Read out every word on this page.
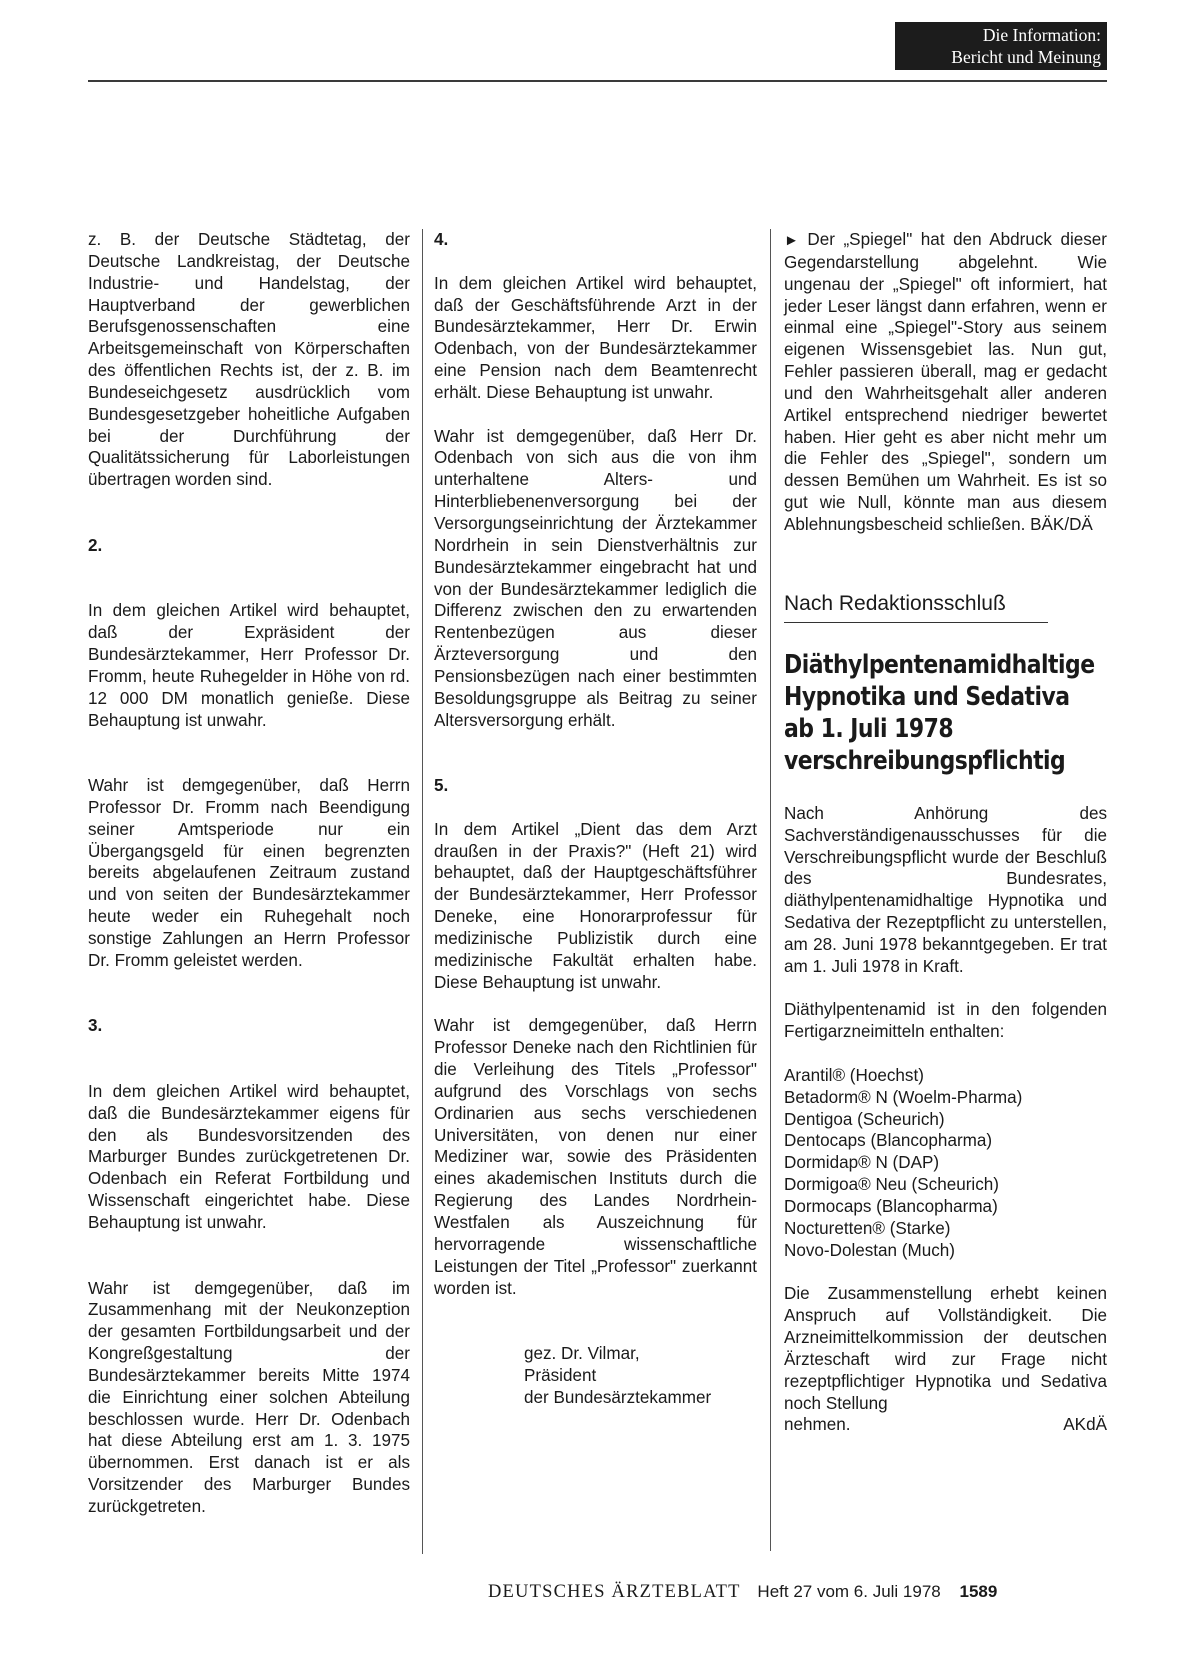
Die Information:
Bericht und Meinung

z. B. der Deutsche Städtetag, der Deutsche Landkreistag, der Deutsche Industrie- und Handelstag, der Hauptverband der gewerblichen Berufsgenossenschaften eine Arbeitsgemeinschaft von Körperschaften des öffentlichen Rechts ist, der z. B. im Bundeseichgesetz ausdrücklich vom Bundesgesetzgeber hoheitliche Aufgaben bei der Durchführung der Qualitätssicherung für Laborleistungen übertragen worden sind.

2.

In dem gleichen Artikel wird behauptet, daß der Expräsident der Bundesärztekammer, Herr Professor Dr. Fromm, heute Ruhegelder in Höhe von rd. 12 000 DM monatlich genieße. Diese Behauptung ist unwahr.

Wahr ist demgegenüber, daß Herrn Professor Dr. Fromm nach Beendigung seiner Amtsperiode nur ein Übergangsgeld für einen begrenzten bereits abgelaufenen Zeitraum zustand und von seiten der Bundesärztekammer heute weder ein Ruhegehalt noch sonstige Zahlungen an Herrn Professor Dr. Fromm geleistet werden.

3.

In dem gleichen Artikel wird behauptet, daß die Bundesärztekammer eigens für den als Bundesvorsitzenden des Marburger Bundes zurückgetretenen Dr. Odenbach ein Referat Fortbildung und Wissenschaft eingerichtet habe. Diese Behauptung ist unwahr.

Wahr ist demgegenüber, daß im Zusammenhang mit der Neukonzeption der gesamten Fortbildungsarbeit und der Kongreßgestaltung der Bundesärztekammer bereits Mitte 1974 die Einrichtung einer solchen Abteilung beschlossen wurde. Herr Dr. Odenbach hat diese Abteilung erst am 1. 3. 1975 übernommen. Erst danach ist er als Vorsitzender des Marburger Bundes zurückgetreten.

4.

In dem gleichen Artikel wird behauptet, daß der Geschäftsführende Arzt in der Bundesärztekammer, Herr Dr. Erwin Odenbach, von der Bundesärztekammer eine Pension nach dem Beamtenrecht erhält. Diese Behauptung ist unwahr.

Wahr ist demgegenüber, daß Herr Dr. Odenbach von sich aus die von ihm unterhaltene Alters- und Hinterbliebenenversorgung bei der Versorgungseinrichtung der Ärztekammer Nordrhein in sein Dienstverhältnis zur Bundesärztekammer eingebracht hat und von der Bundesärztekammer lediglich die Differenz zwischen den zu erwartenden Rentenbezügen aus dieser Ärzteversorgung und den Pensionsbezügen nach einer bestimmten Besoldungsgruppe als Beitrag zu seiner Altersversorgung erhält.

5.

In dem Artikel „Dient das dem Arzt draußen in der Praxis?" (Heft 21) wird behauptet, daß der Hauptgeschäftsführer der Bundesärztekammer, Herr Professor Deneke, eine Honorarprofessur für medizinische Publizistik durch eine medizinische Fakultät erhalten habe. Diese Behauptung ist unwahr.

Wahr ist demgegenüber, daß Herrn Professor Deneke nach den Richtlinien für die Verleihung des Titels „Professor" aufgrund des Vorschlags von sechs Ordinarien aus sechs verschiedenen Universitäten, von denen nur einer Mediziner war, sowie des Präsidenten eines akademischen Instituts durch die Regierung des Landes Nordrhein-Westfalen als Auszeichnung für hervorragende wissenschaftliche Leistungen der Titel „Professor" zuerkannt worden ist.

gez. Dr. Vilmar,
Präsident
der Bundesärztekammer

► Der „Spiegel" hat den Abdruck dieser Gegendarstellung abgelehnt. Wie ungenau der „Spiegel" oft informiert, hat jeder Leser längst dann erfahren, wenn er einmal eine „Spiegel"-Story aus seinem eigenen Wissensgebiet las. Nun gut, Fehler passieren überall, mag er gedacht und den Wahrheitsgehalt aller anderen Artikel entsprechend niedriger bewertet haben. Hier geht es aber nicht mehr um die Fehler des „Spiegel", sondern um dessen Bemühen um Wahrheit. Es ist so gut wie Null, könnte man aus diesem Ablehnungsbescheid schließen. BÄK/DÄ

Nach Redaktionsschluß
Diäthylpentenamidhaltige
Hypnotika und Sedativa
ab 1. Juli 1978
verschreibungspflichtig

Nach Anhörung des Sachverständigenausschusses für die Verschreibungspflicht wurde der Beschluß des Bundesrates, diäthylpentenamidhaltige Hypnotika und Sedativa der Rezeptpflicht zu unterstellen, am 28. Juni 1978 bekanntgegeben. Er trat am 1. Juli 1978 in Kraft.

Diäthylpentenamid ist in den folgenden Fertigarzneimitteln enthalten:

Arantil® (Hoechst)
Betadorm® N (Woelm-Pharma)
Dentigoa (Scheurich)
Dentocaps (Blancopharma)
Dormidap® N (DAP)
Dormigoa® Neu (Scheurich)
Dormocaps (Blancopharma)
Nocturetten® (Starke)
Novo-Dolestan (Much)

Die Zusammenstellung erhebt keinen Anspruch auf Vollständigkeit. Die Arzneimittelkommission der deutschen Ärzteschaft wird zur Frage nicht rezeptpflichtiger Hypnotika und Sedativa noch Stellung

nehmen.	AKdÄ
DEUTSCHES ÄRZTEBLATT Heft 27 vom 6. Juli 1978 1589
